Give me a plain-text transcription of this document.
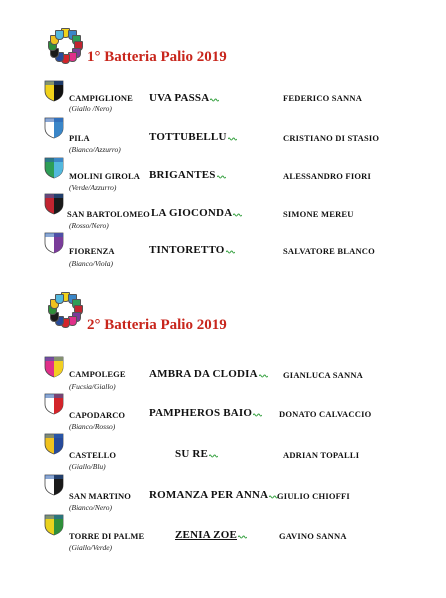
1° Batteria Palio 2019
CAMPIGLIONE
(Giallo /Nero)
UVA PASSA	FEDERICO SANNA
PILA
(Bianco/Azzurro)
TOTTUBELLU	CRISTIANO DI STASIO
MOLINI GIROLA
(Verde/Azzurro)
BRIGANTES	ALESSANDRO FIORI
SAN BARTOLOMEO
(Rosso/Nero)
LA GIOCONDA	SIMONE MEREU
FIORENZA
(Bianco/Viola)
TINTORETTO	SALVATORE BLANCO
2° Batteria Palio 2019
CAMPOLEGE
(Fucsia/Giallo)
AMBRA DA CLODIA	GIANLUCA SANNA
CAPODARCO
(Bianco/Rosso)
PAMPHEROS BAIO	DONATO CALVACCIO
CASTELLO
(Giallo/Blu)
SU RE	ADRIAN TOPALLI
SAN MARTINO
(Bianco/Nero)
ROMANZA PER ANNA	GIULIO CHIOFFI
TORRE DI PALME
(Giallo/Verde)
ZENIA ZOE	GAVINO SANNA
